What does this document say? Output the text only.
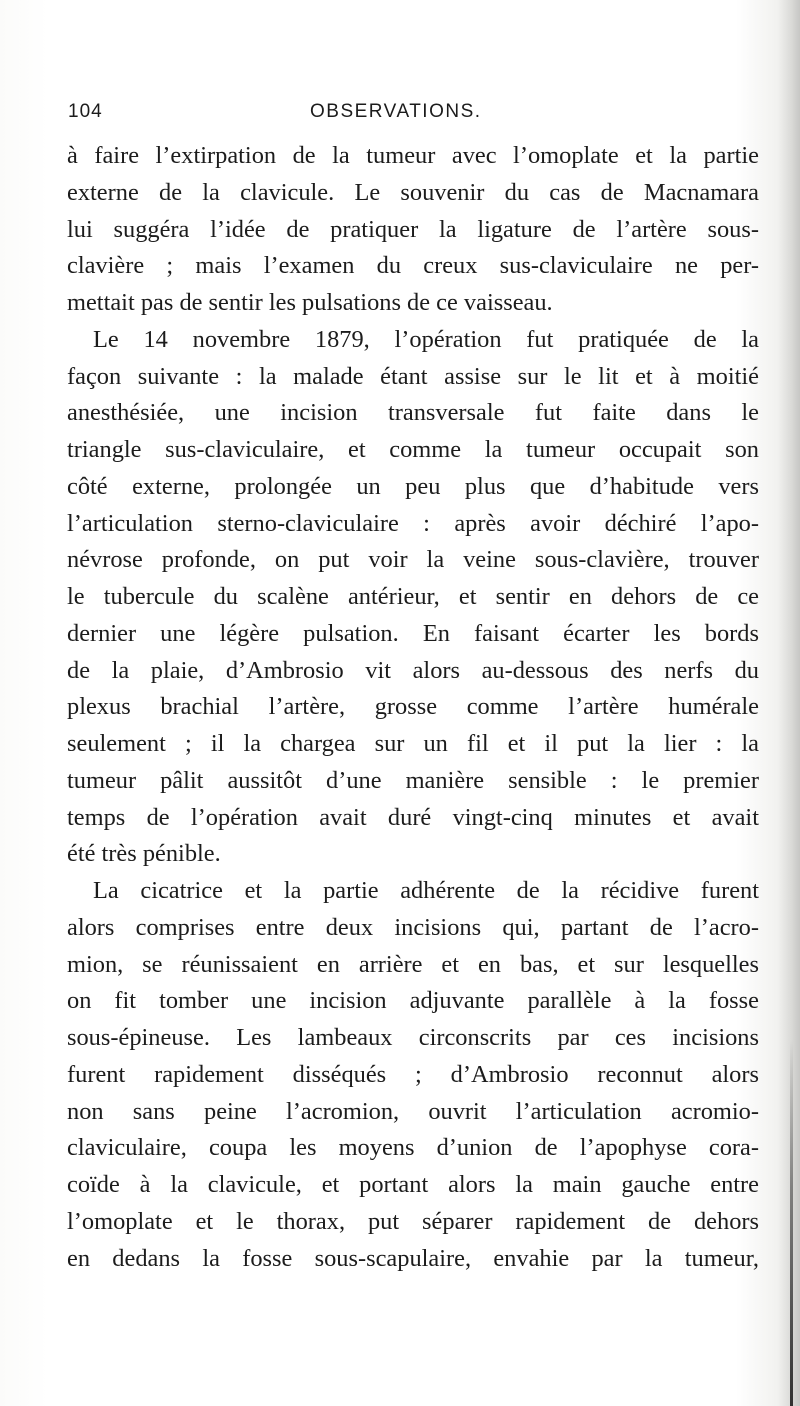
104	OBSERVATIONS.
à faire l’extirpation de la tumeur avec l’omoplate et la partie
externe de la clavicule. Le souvenir du cas de Macnamara
lui suggéra l’idée de pratiquer la ligature de l’artère sous-
clavière ; mais l’examen du creux sus-claviculaire ne per-
mettait pas de sentir les pulsations de ce vaisseau.
Le 14 novembre 1879, l’opération fut pratiquée de la
façon suivante : la malade étant assise sur le lit et à moitié
anesthésiée, une incision transversale fut faite dans le
triangle sus-claviculaire, et comme la tumeur occupait son
côté externe, prolongée un peu plus que d’habitude vers
l’articulation sterno-claviculaire : après avoir déchiré l’apo-
névrose profonde, on put voir la veine sous-clavière, trouver
le tubercule du scalène antérieur, et sentir en dehors de ce
dernier une légère pulsation. En faisant écarter les bords
de la plaie, d’Ambrosio vit alors au-dessous des nerfs du
plexus brachial l’artère, grosse comme l’artère humérale
seulement ; il la chargea sur un fil et il put la lier : la
tumeur pâlit aussitôt d’une manière sensible : le premier
temps de l’opération avait duré vingt-cinq minutes et avait
été très pénible.
La cicatrice et la partie adhérente de la récidive furent
alors comprises entre deux incisions qui, partant de l’acro-
mion, se réunissaient en arrière et en bas, et sur lesquelles
on fit tomber une incision adjuvante parallèle à la fosse
sous-épineuse. Les lambeaux circonscrits par ces incisions
furent rapidement disséqués ; d’Ambrosio reconnut alors
non sans peine l’acromion, ouvrit l’articulation acromio-
claviculaire, coupa les moyens d’union de l’apophyse cora-
coïde à la clavicule, et portant alors la main gauche entre
l’omoplate et le thorax, put séparer rapidement de dehors
en dedans la fosse sous-scapulaire, envahie par la tumeur,
